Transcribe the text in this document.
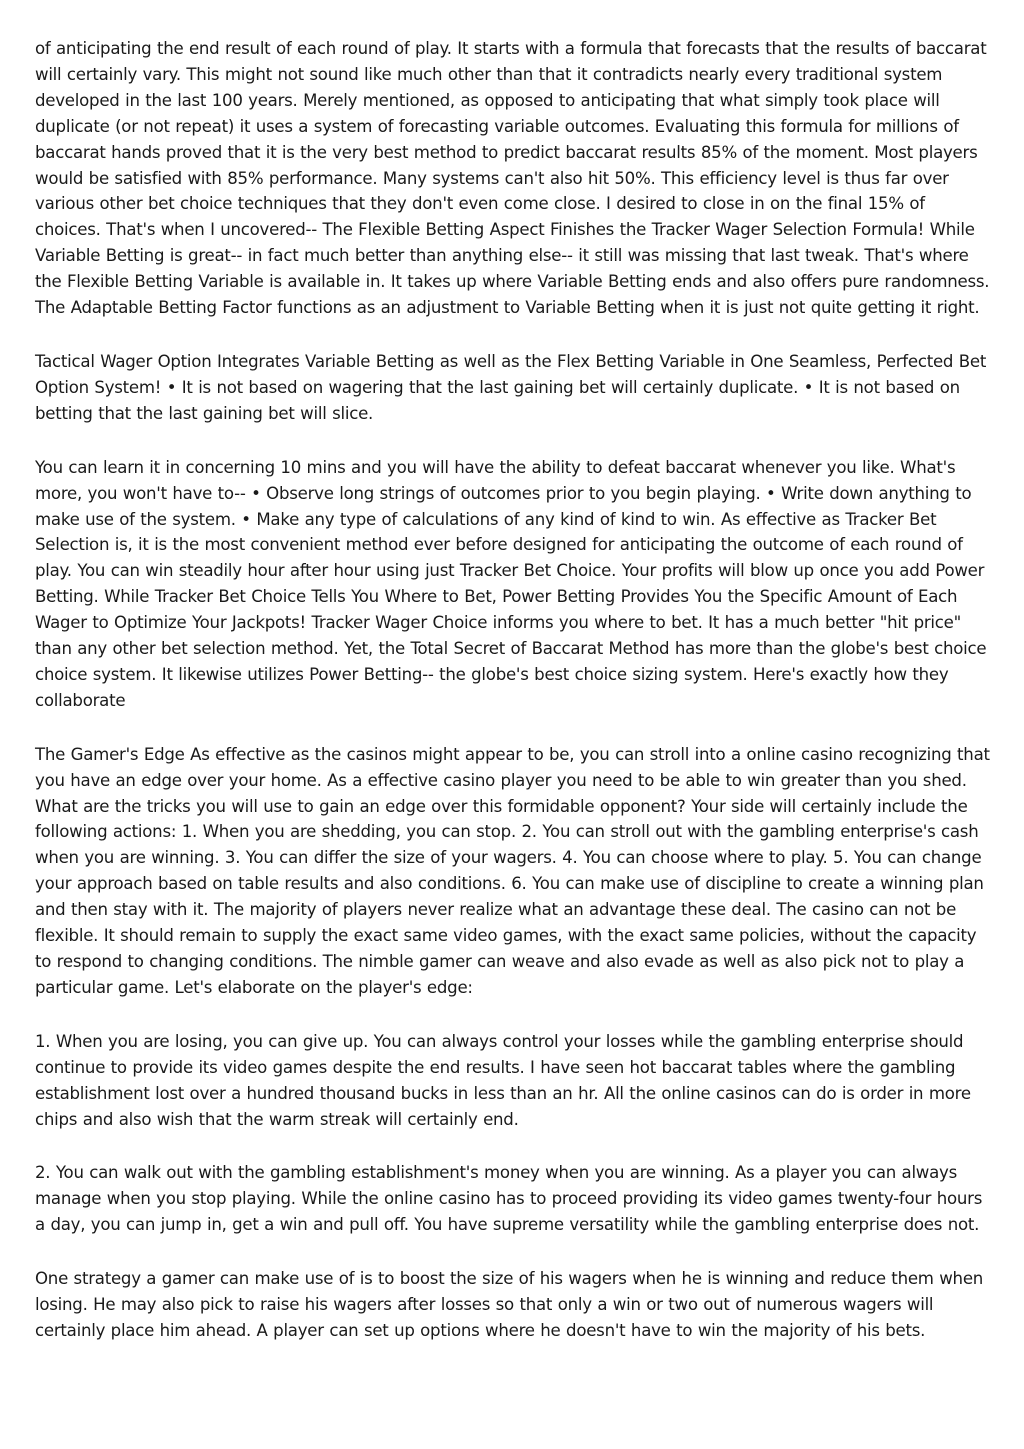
of anticipating the end result of each round of play. It starts with a formula that forecasts that the results of baccarat will certainly vary. This might not sound like much other than that it contradicts nearly every traditional system developed in the last 100 years. Merely mentioned, as opposed to anticipating that what simply took place will duplicate (or not repeat) it uses a system of forecasting variable outcomes. Evaluating this formula for millions of baccarat hands proved that it is the very best method to predict baccarat results 85% of the moment. Most players would be satisfied with 85% performance. Many systems can't also hit 50%. This efficiency level is thus far over various other bet choice techniques that they don't even come close. I desired to close in on the final 15% of choices. That's when I uncovered-- The Flexible Betting Aspect Finishes the Tracker Wager Selection Formula! While Variable Betting is great-- in fact much better than anything else-- it still was missing that last tweak. That's where the Flexible Betting Variable is available in. It takes up where Variable Betting ends and also offers pure randomness. The Adaptable Betting Factor functions as an adjustment to Variable Betting when it is just not quite getting it right.

Tactical Wager Option Integrates Variable Betting as well as the Flex Betting Variable in One Seamless, Perfected Bet Option System! • It is not based on wagering that the last gaining bet will certainly duplicate. • It is not based on betting that the last gaining bet will slice.

You can learn it in concerning 10 mins and you will have the ability to defeat baccarat whenever you like. What's more, you won't have to-- • Observe long strings of outcomes prior to you begin playing. • Write down anything to make use of the system. • Make any type of calculations of any kind of kind to win. As effective as Tracker Bet Selection is, it is the most convenient method ever before designed for anticipating the outcome of each round of play. You can win steadily hour after hour using just Tracker Bet Choice. Your profits will blow up once you add Power Betting. While Tracker Bet Choice Tells You Where to Bet, Power Betting Provides You the Specific Amount of Each Wager to Optimize Your Jackpots! Tracker Wager Choice informs you where to bet. It has a much better "hit price" than any other bet selection method. Yet, the Total Secret of Baccarat Method has more than the globe's best choice choice system. It likewise utilizes Power Betting-- the globe's best choice sizing system. Here's exactly how they collaborate

The Gamer's Edge As effective as the casinos might appear to be, you can stroll into a online casino recognizing that you have an edge over your home. As a effective casino player you need to be able to win greater than you shed. What are the tricks you will use to gain an edge over this formidable opponent? Your side will certainly include the following actions: 1. When you are shedding, you can stop. 2. You can stroll out with the gambling enterprise's cash when you are winning. 3. You can differ the size of your wagers. 4. You can choose where to play. 5. You can change your approach based on table results and also conditions. 6. You can make use of discipline to create a winning plan and then stay with it. The majority of players never realize what an advantage these deal. The casino can not be flexible. It should remain to supply the exact same video games, with the exact same policies, without the capacity to respond to changing conditions. The nimble gamer can weave and also evade as well as also pick not to play a particular game. Let's elaborate on the player's edge:

1. When you are losing, you can give up. You can always control your losses while the gambling enterprise should continue to provide its video games despite the end results. I have seen hot baccarat tables where the gambling establishment lost over a hundred thousand bucks in less than an hr. All the online casinos can do is order in more chips and also wish that the warm streak will certainly end.

2. You can walk out with the gambling establishment's money when you are winning. As a player you can always manage when you stop playing. While the online casino has to proceed providing its video games twenty-four hours a day, you can jump in, get a win and pull off. You have supreme versatility while the gambling enterprise does not.

One strategy a gamer can make use of is to boost the size of his wagers when he is winning and reduce them when losing. He may also pick to raise his wagers after losses so that only a win or two out of numerous wagers will certainly place him ahead. A player can set up options where he doesn't have to win the majority of his bets.
